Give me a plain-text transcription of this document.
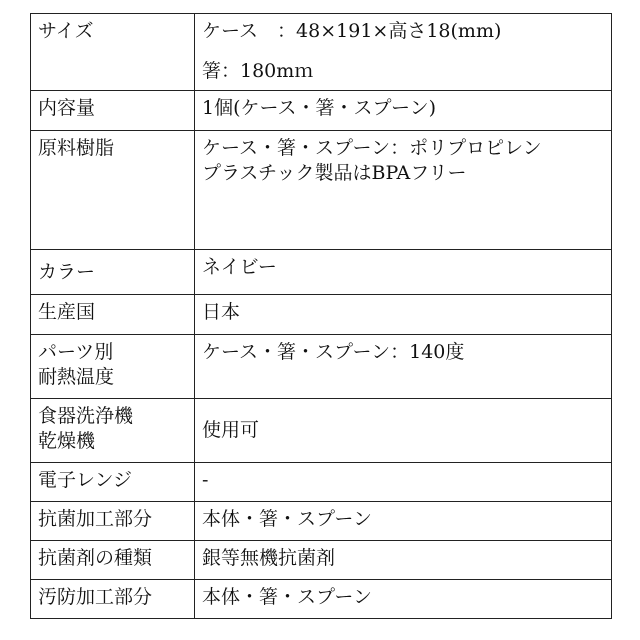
サイズ	ケース　：48×191×高さ18(mm)
箸：180mｍ

内容量	1個(ケース・箸・スプーン)

原料樹脂	ケース・箸・スプーン：ポリプロピレン
プラスチック製品はBPAフリー

カラー	ネイビー

生産国	日本

パーツ別
耐熱温度	ケース・箸・スプーン：140度

食器洗浄機
乾燥機	使用可

電子レンジ	-

抗菌加工部分	本体・箸・スプーン

抗菌剤の種類	銀等無機抗菌剤

汚防加工部分	本体・箸・スプーン
